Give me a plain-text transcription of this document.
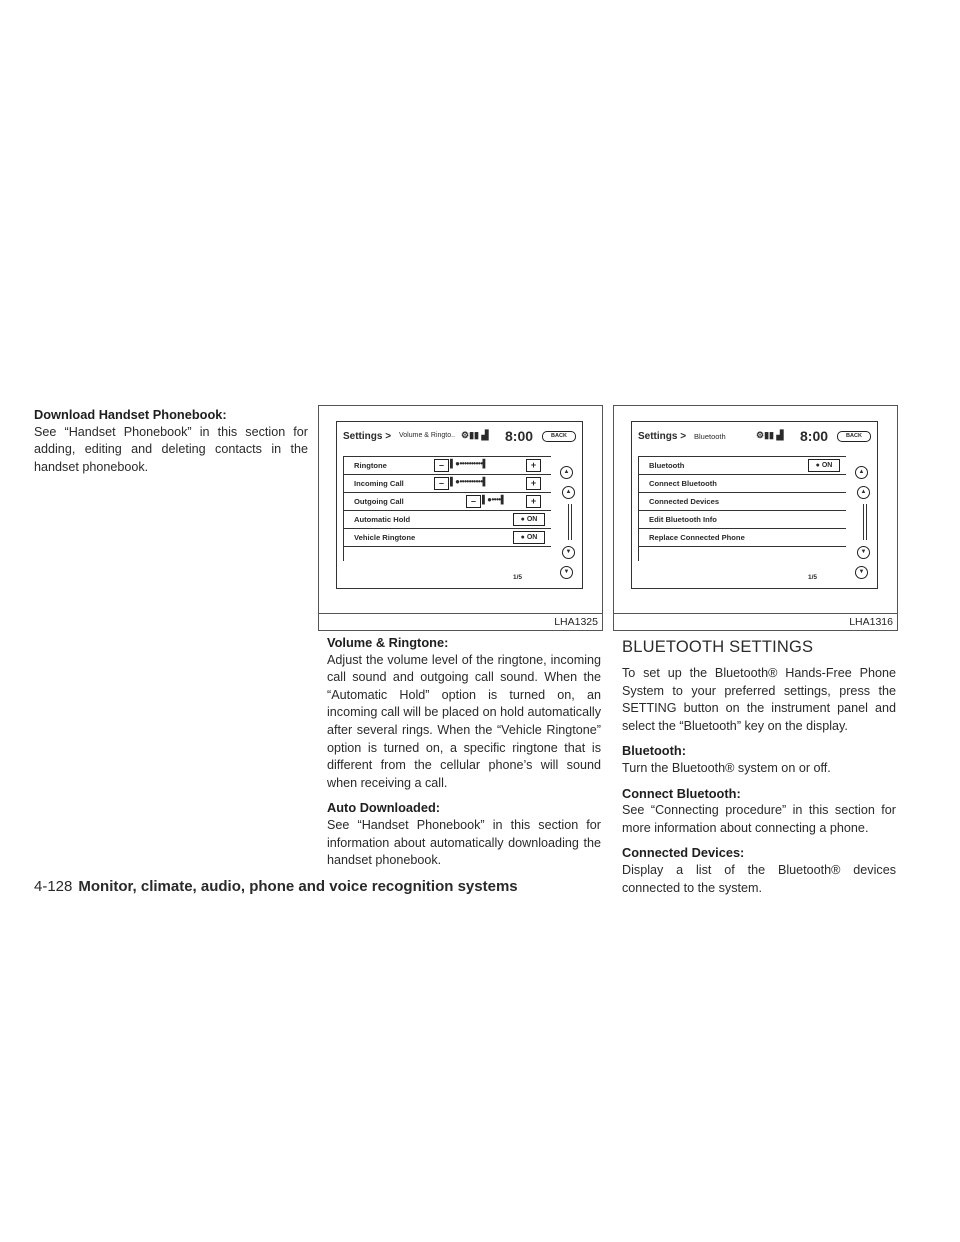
Download Handset Phonebook:

See “Handset Phonebook” in this section for adding, editing and deleting contacts in the handset phonebook.

Settings > Volume & Ringto.. ⚙▮▮ ▟ 8:00	BACK
Ringtone	– ▌●••••••••••▌	+
Incoming Call	– ▌●••••••••••▌	+
Outgoing Call	– ▌●••••▌	+
Automatic Hold	● ON
Vehicle Ringtone	● ON
1/5
▲
▲
▼
▼
LHA1325
Settings > Bluetooth	⚙▮▮ ▟ 8:00	BACK
Bluetooth	● ON
Connect Bluetooth
Connected Devices
Edit Bluetooth Info
Replace Connected Phone
1/5
▲
▲
▼
▼
LHA1316
Volume & Ringtone:

Adjust the volume level of the ringtone, incoming call sound and outgoing call sound. When the “Automatic Hold” option is turned on, an incoming call will be placed on hold automatically after several rings. When the “Vehicle Ringtone” option is turned on, a specific ringtone that is different from the cellular phone’s will sound when receiving a call.

Auto Downloaded:

See “Handset Phonebook” in this section for information about automatically downloading the handset phonebook.

BLUETOOTH SETTINGS

To set up the Bluetooth® Hands-Free Phone System to your preferred settings, press the SETTING button on the instrument panel and select the “Bluetooth” key on the display.

Bluetooth:

Turn the Bluetooth® system on or off.

Connect Bluetooth:

See “Connecting procedure” in this section for more information about connecting a phone.

Connected Devices:

Display a list of the Bluetooth® devices connected to the system.

4-128 Monitor, climate, audio, phone and voice recognition systems
